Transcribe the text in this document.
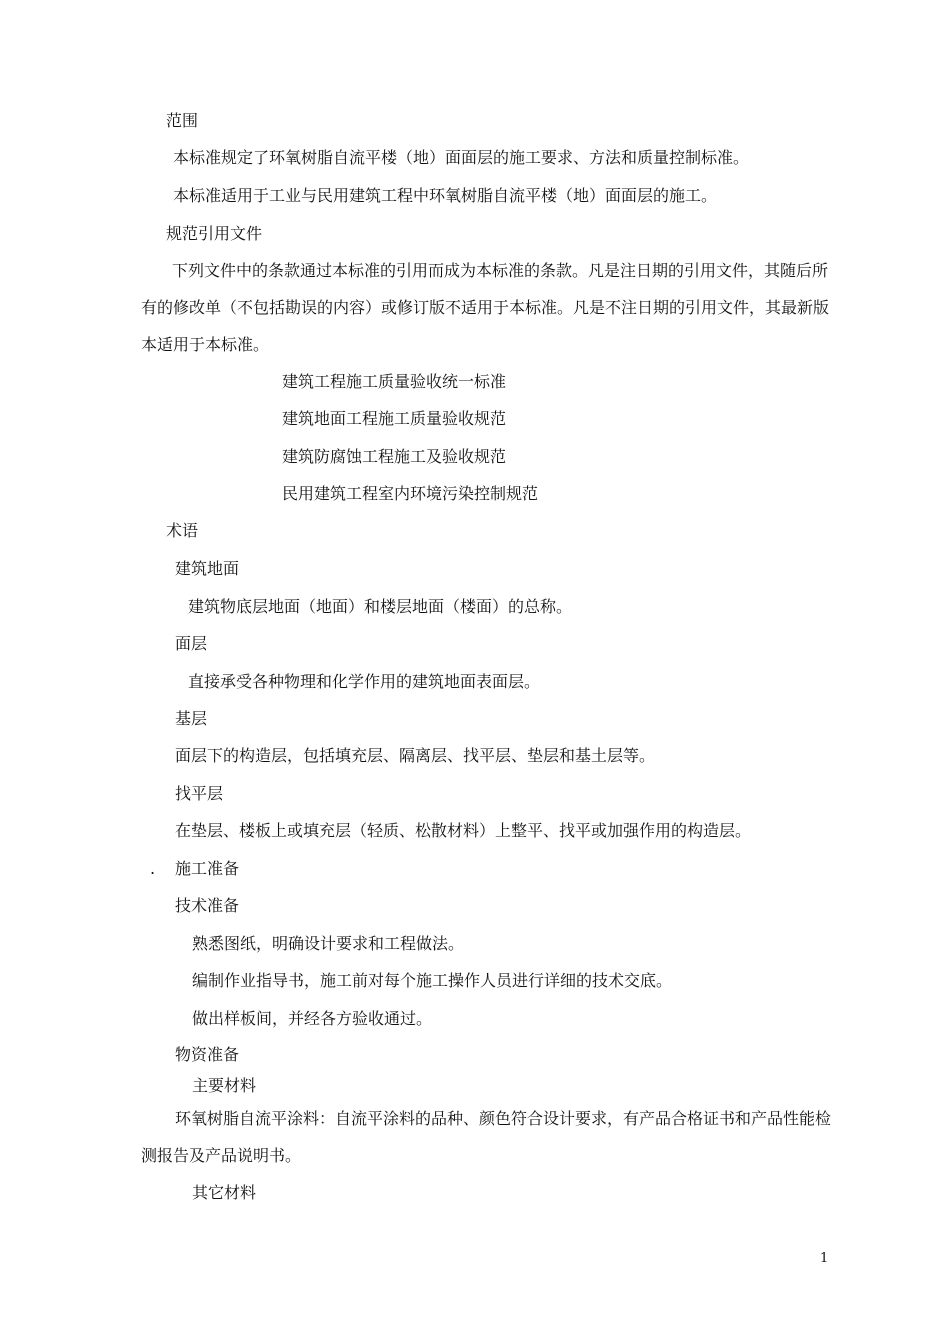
范围
本标准规定了环氧树脂自流平楼（地）面面层的施工要求、方法和质量控制标准。
本标准适用于工业与民用建筑工程中环氧树脂自流平楼（地）面面层的施工。
规范引用文件
下列文件中的条款通过本标准的引用而成为本标准的条款。凡是注日期的引用文件，其随后所有的修改单（不包括勘误的内容）或修订版不适用于本标准。凡是不注日期的引用文件，其最新版本适用于本标准。
建筑工程施工质量验收统一标准
建筑地面工程施工质量验收规范
建筑防腐蚀工程施工及验收规范
民用建筑工程室内环境污染控制规范
术语
建筑地面
建筑物底层地面（地面）和楼层地面（楼面）的总称。
面层
直接承受各种物理和化学作用的建筑地面表面层。
基层
面层下的构造层，包括填充层、隔离层、找平层、垫层和基土层等。
找平层
在垫层、楼板上或填充层（轻质、松散材料）上整平、找平或加强作用的构造层。
. 施工准备
技术准备
熟悉图纸，明确设计要求和工程做法。
编制作业指导书，施工前对每个施工操作人员进行详细的技术交底。
做出样板间，并经各方验收通过。
物资准备
主要材料
环氧树脂自流平涂料：自流平涂料的品种、颜色符合设计要求，有产品合格证书和产品性能检测报告及产品说明书。
其它材料
1
